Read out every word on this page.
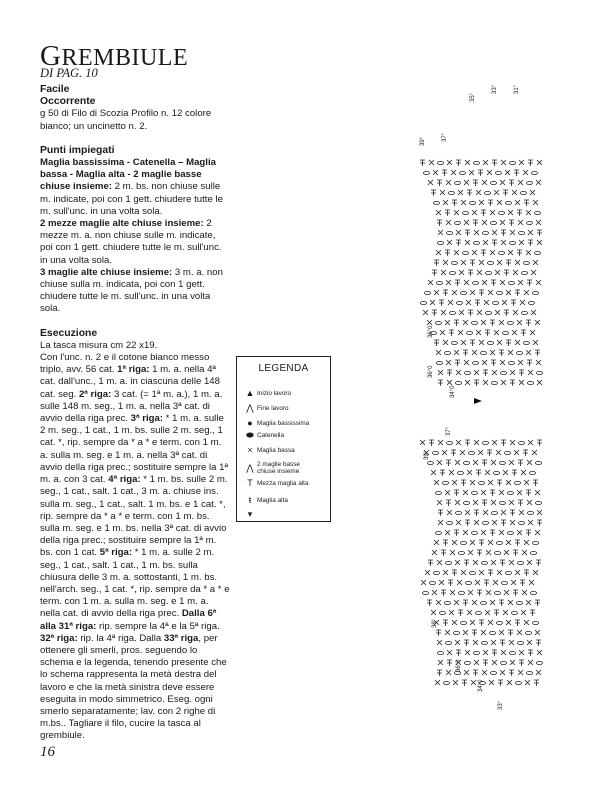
GREMBIULE
DI PAG. 10

Facile

Occorrente

g 50 di Filo di Scozia Profilo n. 12 colore bianco; un uncinetto n. 2.

Punti impiegati

Maglia bassissima - Catenella – Maglia bassa - Maglia alta - 2 maglie basse chiuse insieme: 2 m. bs. non chiuse sulle m. indicate, poi con 1 gett. chiudere tutte le m. sull'unc. in una volta sola.

2 mezze maglie alte chiuse insieme: 2 mezze m. a. non chiuse sulle m. indicate, poi con 1 gett. chiudere tutte le m. sull'unc. in una volta sola.

3 maglie alte chiuse insieme: 3 m. a. non chiuse sulla m. indicata, poi con 1 gett. chiudere tutte le m. sull'unc. in una volta sola.

Esecuzione

La tasca misura cm 22 x19.

Con l'unc. n. 2 e il cotone bianco messo triplo, avv. 56 cat. 1ª riga: 1 m. a. nella 4ª cat. dall'unc., 1 m. a. in ciascuna delle 148 cat. seg. 2ª riga: 3 cat. (= 1ª m. a.), 1 m. a. sulle 148 m. seg., 1 m. a. nella 3ª cat. di avvio della riga prec. 3ª riga: * 1 m. a. sulle 2 m. seg., 1 cat., 1 m. bs. sulle 2 m. seg., 1 cat. *, rip. sempre da * a * e term. con 1 m. a. sulla m. seg. e 1 m. a. nella 3ª cat. di avvio della riga prec.; sostituire sempre la 1ª m. a. con 3 cat. 4ª riga: * 1 m. bs. sulle 2 m. seg., 1 cat., salt. 1 cat., 3 m. a. chiuse ins. sulla m. seg., 1 cat., salt. 1 m. bs. e 1 cat. *, rip. sempre da * a * e term. con 1 m. bs. sulla m. seg. e 1 m. bs. nella 3ª cat. di avvio della riga prec.; sostituire sempre la 1ª m. bs. con 1 cat. 5ª riga: * 1 m. a. sulle 2 m. seg., 1 cat., salt. 1 cat., 1 m. bs. sulla chiusura delle 3 m. a. sottostanti, 1 m. bs. nell'arch. seg., 1 cat. *, rip. sempre da * a * e term. con 1 m. a. sulla m. seg. e 1 m. a. nella cat. di avvio della riga prec. Dalla 6ª alla 31ª riga: rip. sempre la 4ª e la 5ª riga. 32ª riga: rip. la 4ª riga. Dalla 33ª riga, per ottenere gli smerli, pros. seguendo lo schema e la legenda, tenendo presente che lo schema rappresenta la metà destra del lavoro e che la metà sinistra deve essere eseguita in modo simmetrico. Eseg. ogni smerlo separatamente; lav. con 2 righe di m.bs.. Tagliare il filo, cucire la tasca al grembiule.

LEGENDA
▲ Inizio lavoro
⋀ Fine lavoro
● Maglia bassissima
⬬ Catenella
× Maglia bassa
⋀ 2 maglie basse chiuse insieme
T Mezza maglia alta
ŧ Maglia alta
▾
35°
33°	31°
37°
39°
36°0
34°0
36°0
37°
39°
36°0
34°0
33°
38°
16
